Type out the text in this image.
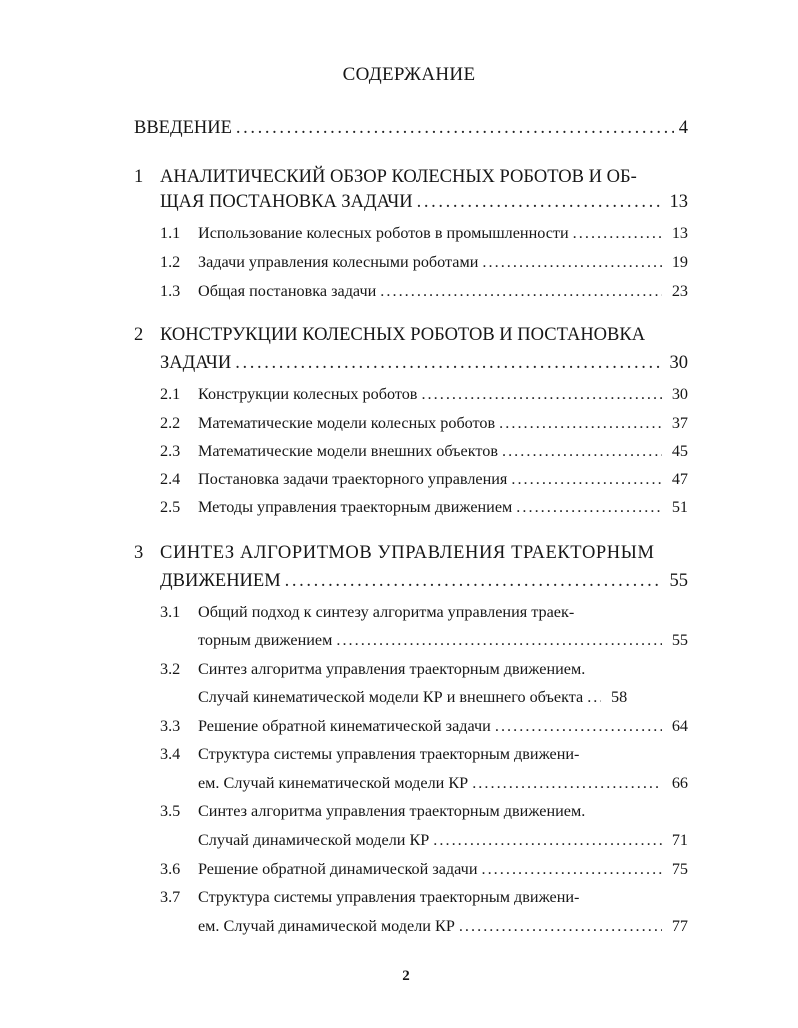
СОДЕРЖАНИЕ
ВВЕДЕНИЕ . . .	4
1 АНАЛИТИЧЕСКИЙ ОБЗОР КОЛЕСНЫХ РОБОТОВ И ОБ-
ЩАЯ ПОСТАНОВКА ЗАДАЧИ . . .	13
1.1 Использование колесных роботов в промышленности . . .	13
1.2 Задачи управления колесными роботами . . .	19
1.3 Общая постановка задачи . . .	23
2 КОНСТРУКЦИИ КОЛЕСНЫХ РОБОТОВ И ПОСТАНОВКА
ЗАДАЧИ . . .	30
2.1 Конструкции колесных роботов . . .	30
2.2 Математические модели колесных роботов . . .	37
2.3 Математические модели внешних объектов . . .	45
2.4 Постановка задачи траекторного управления . . .	47
2.5 Методы управления траекторным движением . . .	51
3 СИНТЕЗ АЛГОРИТМОВ УПРАВЛЕНИЯ ТРАЕКТОРНЫМ
ДВИЖЕНИЕМ . . .	55
3.1 Общий подход к синтезу алгоритма управления траек-
торным движением . . .	55
3.2 Синтез алгоритма управления траекторным движением.
Случай кинематической модели КР и внешнего объекта . . .	58
3.3 Решение обратной кинематической задачи . . .	64
3.4 Структура системы управления траекторным движени-
ем. Случай кинематической модели КР . . .	66
3.5 Синтез алгоритма управления траекторным движением.
Случай динамической модели КР . . .	71
3.6 Решение обратной динамической задачи . . .	75
3.7 Структура системы управления траекторным движени-
ем. Случай динамической модели КР . . .	77
2
